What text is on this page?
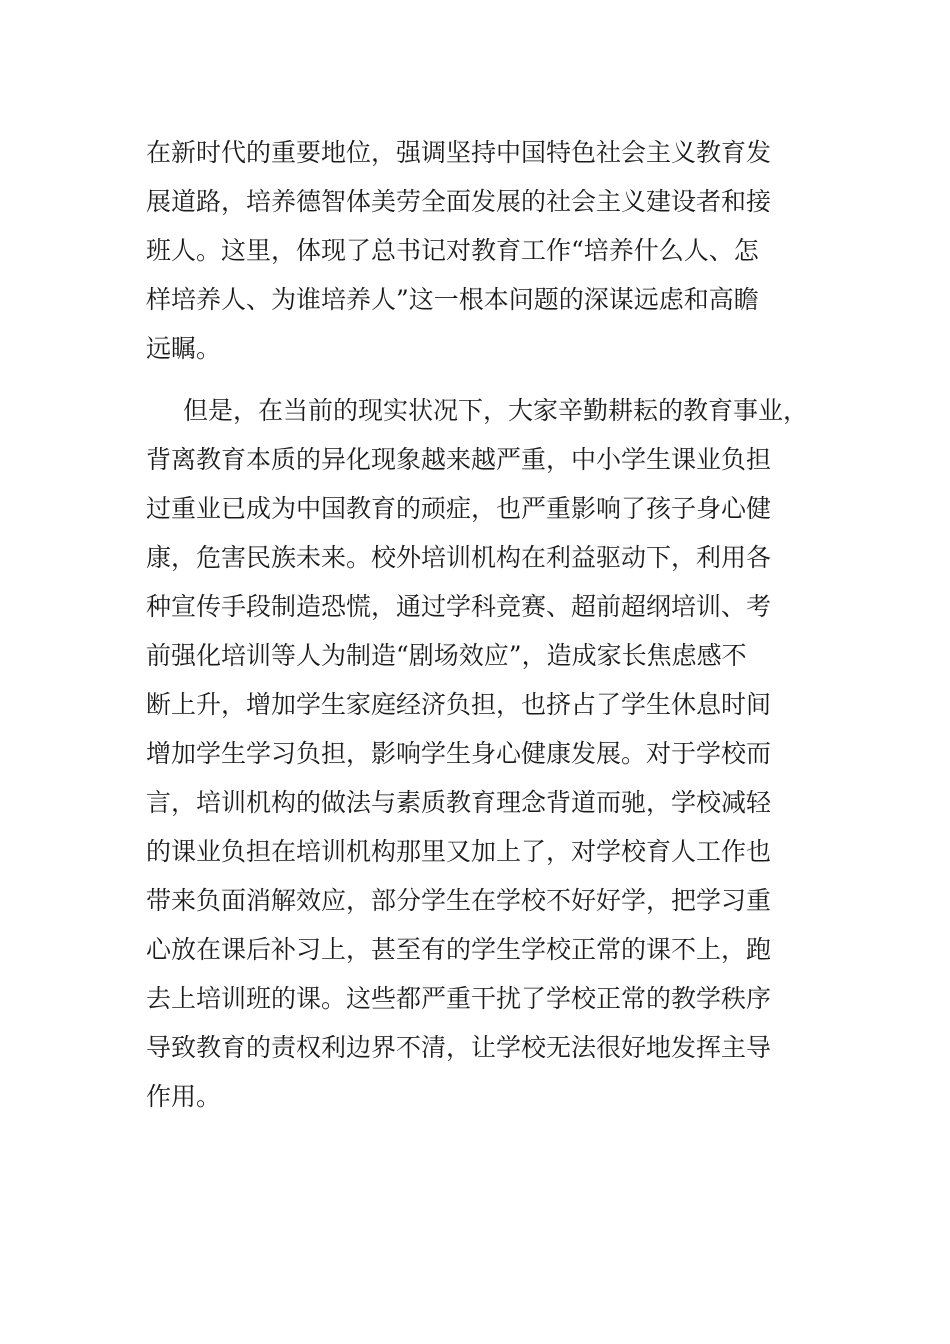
在新时代的重要地位，强调坚持中国特色社会主义教育发
展道路，培养德智体美劳全面发展的社会主义建设者和接
班人。这里，体现了总书记对教育工作“培养什么人、怎
样培养人、为谁培养人”这一根本问题的深谋远虑和高瞻
远瞩。
但是，在当前的现实状况下，大家辛勤耕耘的教育事业，
背离教育本质的异化现象越来越严重，中小学生课业负担
过重业已成为中国教育的顽症，也严重影响了孩子身心健
康，危害民族未来。校外培训机构在利益驱动下，利用各
种宣传手段制造恐慌，通过学科竞赛、超前超纲培训、考
前强化培训等人为制造“剧场效应”，造成家长焦虑感不
断上升，增加学生家庭经济负担，也挤占了学生休息时间
增加学生学习负担，影响学生身心健康发展。对于学校而
言，培训机构的做法与素质教育理念背道而驰，学校减轻
的课业负担在培训机构那里又加上了，对学校育人工作也
带来负面消解效应，部分学生在学校不好好学，把学习重
心放在课后补习上，甚至有的学生学校正常的课不上，跑
去上培训班的课。这些都严重干扰了学校正常的教学秩序
导致教育的责权利边界不清，让学校无法很好地发挥主导
作用。
